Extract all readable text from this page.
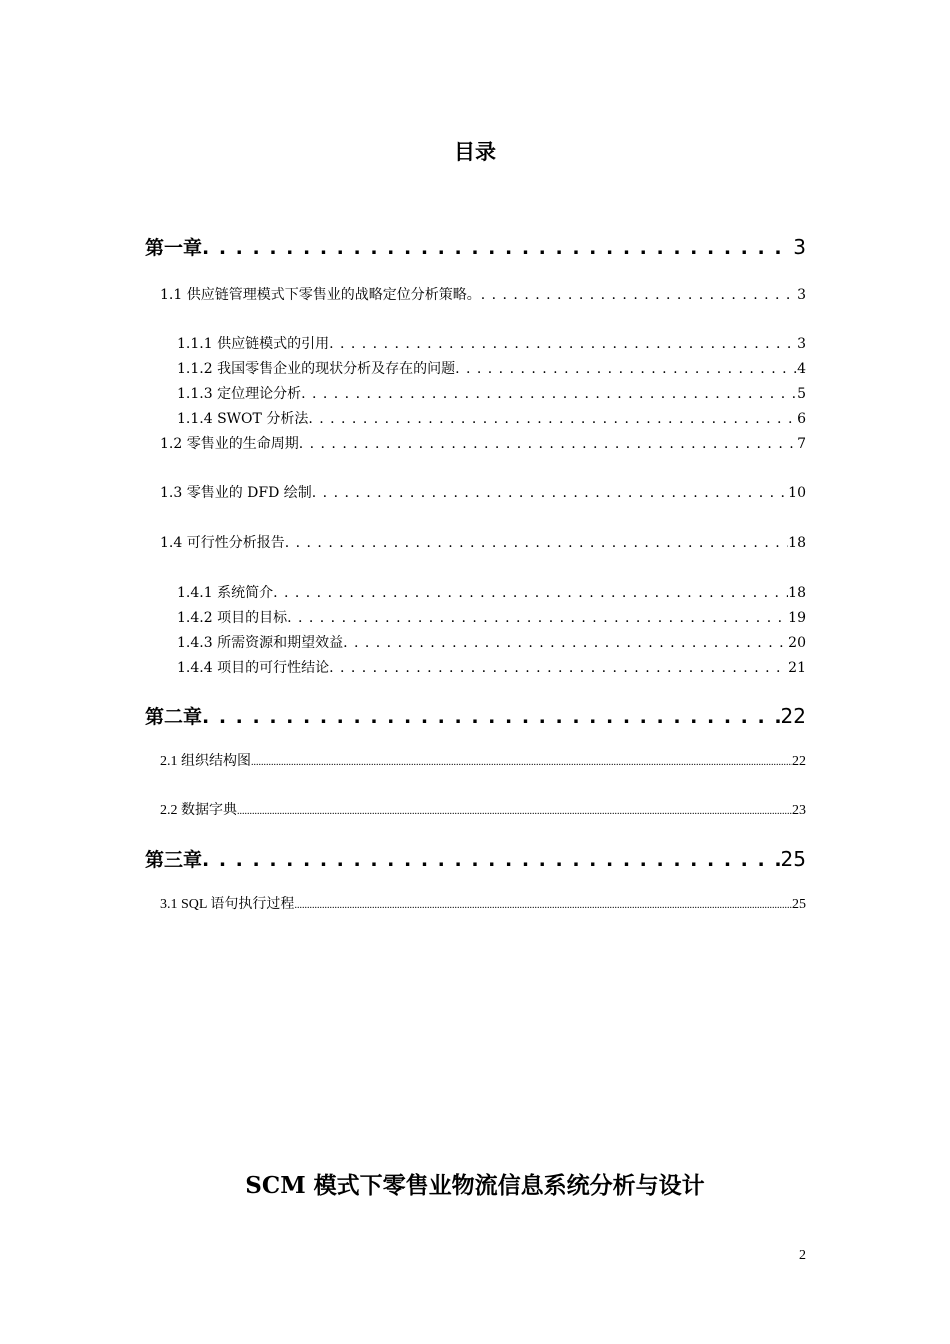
目录
第一章 . . .	3
1.1 供应链管理模式下零售业的战略定位分析策略。 . . .	3
1.1.1 供应链模式的引用 . . .	3
1.1.2 我国零售企业的现状分析及存在的问题 . . .	4
1.1.3 定位理论分析 . . .	5
1.1.4 SWOT 分析法 . . .	6
1.2 零售业的生命周期 . . .	7
1.3 零售业的 DFD 绘制 . . .	10
1.4 可行性分析报告 . . .	18
1.4.1 系统简介 . . .	18
1.4.2 项目的目标 . . .	19
1.4.3 所需资源和期望效益 . . .	20
1.4.4 项目的可行性结论 . . .	21
第二章 . . .	22
2.1 组织结构图 .....	22
2.2 数据字典 .....	23
第三章 . . .	25
3.1 SQL 语句执行过程 .....	25
SCM 模式下零售业物流信息系统分析与设计
2
